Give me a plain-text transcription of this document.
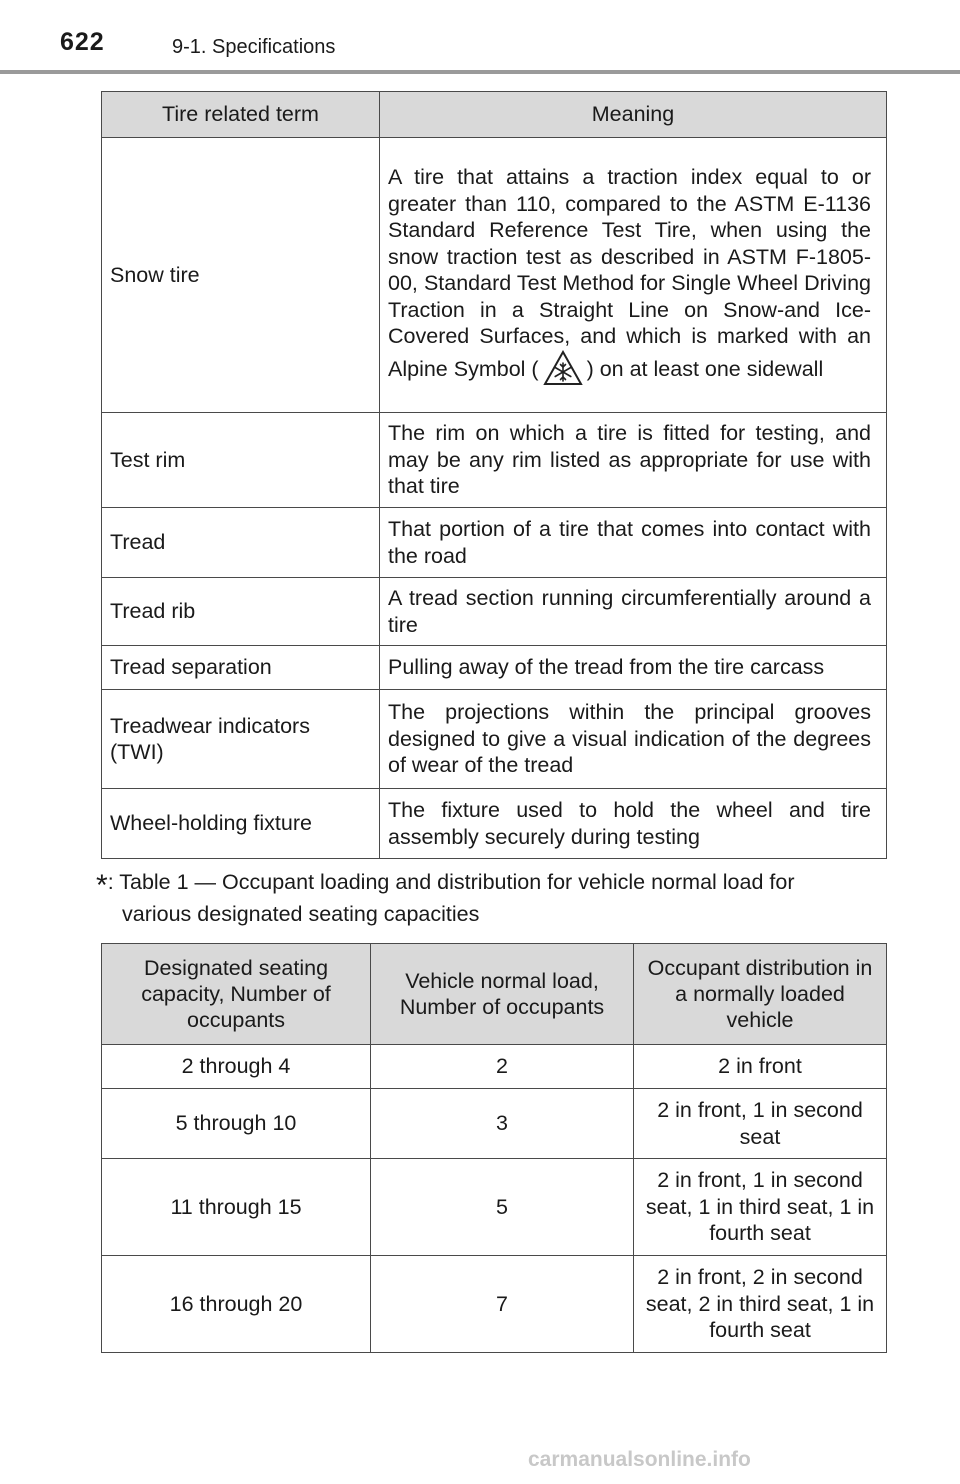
622	9-1. Specifications
Tire related term	Meaning
Snow tire	A tire that attains a traction index equal to or greater than 110, compared to the ASTM E-1136 Standard Reference Test Tire, when using the snow traction test as described in ASTM F-1805-00, Standard Test Method for Single Wheel Driving Traction in a Straight Line on Snow-and Ice-Covered Surfaces, and which is marked with an Alpine Symbol ( ) on at least one sidewall
Test rim	The rim on which a tire is fitted for testing, and may be any rim listed as appropriate for use with that tire
Tread	That portion of a tire that comes into contact with the road
Tread rib	A tread section running circumferentially around a tire
Tread separation	Pulling away of the tread from the tire carcass
Treadwear indicators (TWI)	The projections within the principal grooves designed to give a visual indication of the degrees of wear of the tread
Wheel-holding fixture	The fixture used to hold the wheel and tire assembly securely during testing
*: Table 1 — Occupant loading and distribution for vehicle normal load for
various designated seating capacities
Designated seating capacity, Number of occupants	Vehicle normal load, Number of occupants	Occupant distribution in a normally loaded vehicle
2 through 4	2	2 in front
5 through 10	3	2 in front, 1 in second seat
11 through 15	5	2 in front, 1 in second seat, 1 in third seat, 1 in fourth seat
16 through 20	7	2 in front, 2 in second seat, 2 in third seat, 1 in fourth seat
carmanualsonline.info
